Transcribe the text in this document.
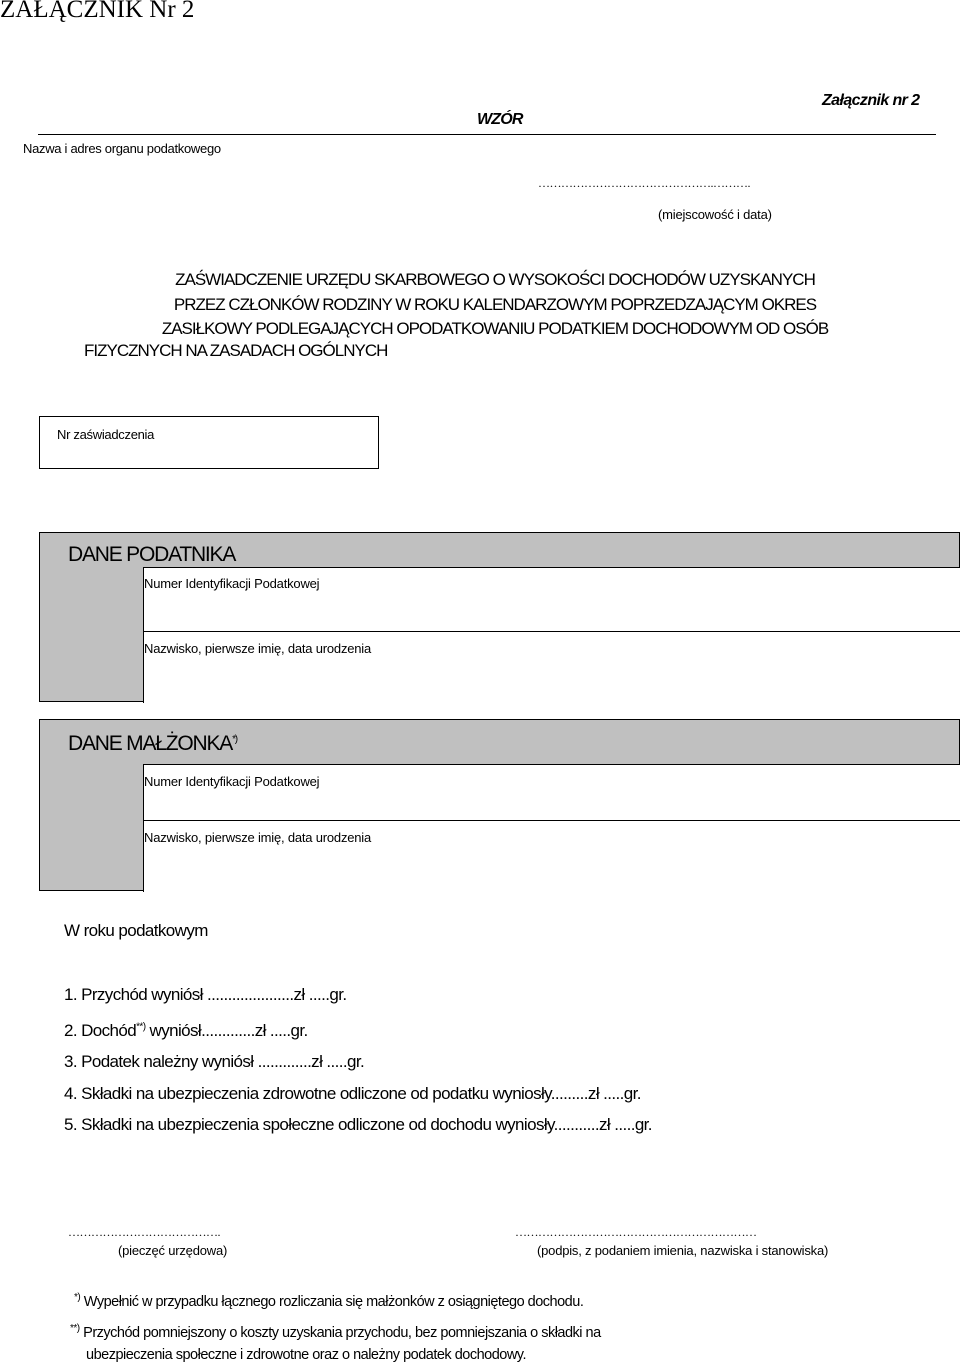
ZAŁĄCZNIK Nr 2
Załącznik nr 2
WZÓR
Nazwa i adres organu podatkowego
……………………………………….……….
(miejscowość i data)
ZAŚWIADCZENIE URZĘDU SKARBOWEGO O WYSOKOŚCI DOCHODÓW UZYSKANYCH
PRZEZ CZŁONKÓW RODZINY W ROKU KALENDARZOWYM POPRZEDZAJĄCYM OKRES
ZASIŁKOWY PODLEGAJĄCYCH OPODATKOWANIU PODATKIEM DOCHODOWYM OD OSÓB
FIZYCZNYCH NA ZASADACH OGÓLNYCH
Nr zaświadczenia
DANE PODATNIKA
Numer Identyfikacji Podatkowej
Nazwisko, pierwsze imię, data urodzenia
DANE MAŁŻONKA*)
Numer Identyfikacji Podatkowej
Nazwisko, pierwsze imię, data urodzenia
W roku podatkowym
1. Przychód wyniósł .....................zł .....gr.
2. Dochód**) wyniósł.............zł .....gr.
3. Podatek należny wyniósł .............zł .....gr.
4. Składki na ubezpieczenia zdrowotne odliczone od podatku wyniosły.........zł .....gr.
5. Składki na ubezpieczenia społeczne odliczone od dochodu wyniosły...........zł .....gr.
………………………………….
(pieczęć urzędowa)
………………………………………………………
(podpis, z podaniem imienia, nazwiska i stanowiska)
*) Wypełnić w przypadku łącznego rozliczania się małżonków z osiągniętego dochodu.
**) Przychód pomniejszony o koszty uzyskania przychodu, bez pomniejszania o składki na
ubezpieczenia społeczne i zdrowotne oraz o należny podatek dochodowy.
